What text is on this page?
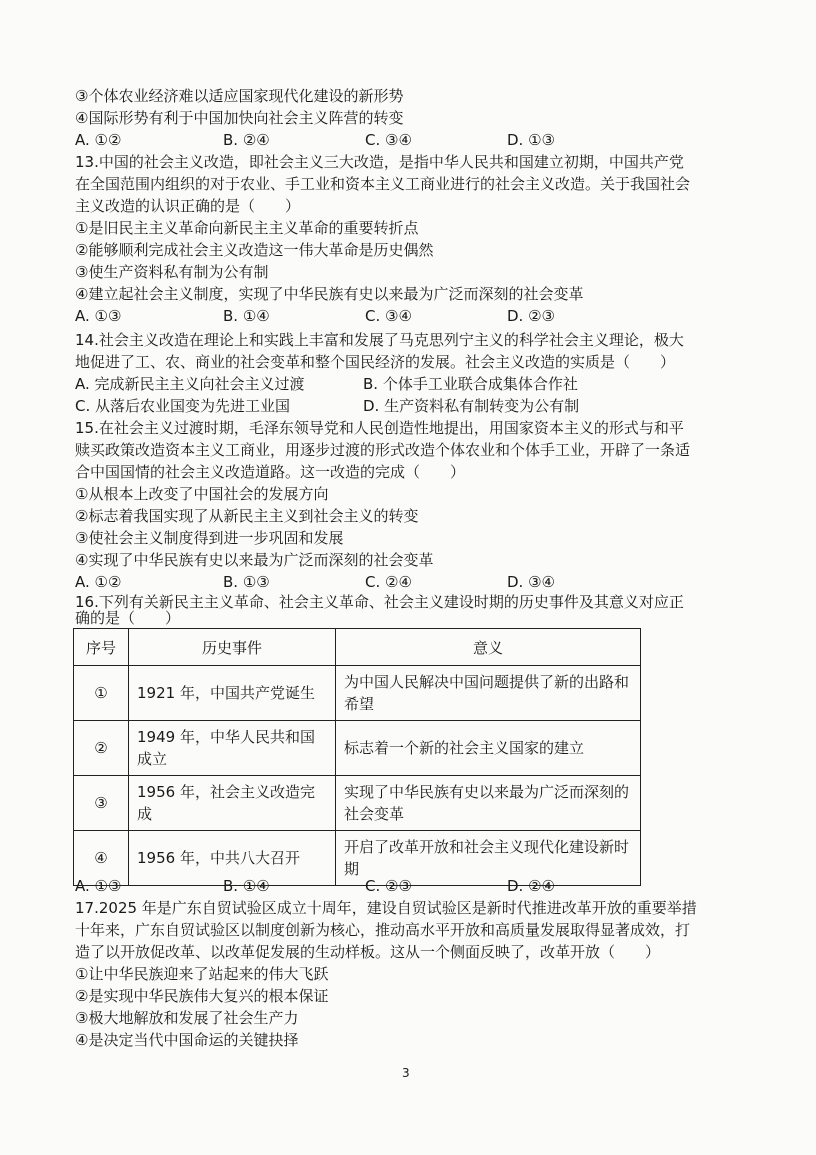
③个体农业经济难以适应国家现代化建设的新形势
④国际形势有利于中国加快向社会主义阵营的转变
A. ①②	B. ②④	C. ③④	D. ①③
13.中国的社会主义改造，即社会主义三大改造，是指中华人民共和国建立初期，中国共产党
在全国范围内组织的对于农业、手工业和资本主义工商业进行的社会主义改造。关于我国社会
主义改造的认识正确的是（　　）
①是旧民主主义革命向新民主主义革命的重要转折点
②能够顺利完成社会主义改造这一伟大革命是历史偶然
③使生产资料私有制为公有制
④建立起社会主义制度，实现了中华民族有史以来最为广泛而深刻的社会变革
A. ①③	B. ①④	C. ③④	D. ②③
14.社会主义改造在理论上和实践上丰富和发展了马克思列宁主义的科学社会主义理论，极大
地促进了工、农、商业的社会变革和整个国民经济的发展。社会主义改造的实质是（　　）
A. 完成新民主主义向社会主义过渡	B. 个体手工业联合成集体合作社
C. 从落后农业国变为先进工业国	D. 生产资料私有制转变为公有制
15.在社会主义过渡时期，毛泽东领导党和人民创造性地提出，用国家资本主义的形式与和平
赎买政策改造资本主义工商业，用逐步过渡的形式改造个体农业和个体手工业，开辟了一条适
合中国国情的社会主义改造道路。这一改造的完成（　　）
①从根本上改变了中国社会的发展方向
②标志着我国实现了从新民主主义到社会主义的转变
③使社会主义制度得到进一步巩固和发展
④实现了中华民族有史以来最为广泛而深刻的社会变革
A. ①②	B. ①③	C. ②④	D. ③④
16.下列有关新民主主义革命、社会主义革命、社会主义建设时期的历史事件及其意义对应正
确的是（　　）
序号	历史事件	意义
①	1921 年，中国共产党诞生	为中国人民解决中国问题提供了新的出路和希望
②	1949 年，中华人民共和国成立	标志着一个新的社会主义国家的建立
③	1956 年，社会主义改造完成	实现了中华民族有史以来最为广泛而深刻的社会变革
④	1956 年，中共八大召开	开启了改革开放和社会主义现代化建设新时期
A. ①③	B. ①④	C. ②③	D. ②④
17.2025 年是广东自贸试验区成立十周年，建设自贸试验区是新时代推进改革开放的重要举措
十年来，广东自贸试验区以制度创新为核心，推动高水平开放和高质量发展取得显著成效，打
造了以开放促改革、以改革促发展的生动样板。这从一个侧面反映了，改革开放（　　）
①让中华民族迎来了站起来的伟大飞跃
②是实现中华民族伟大复兴的根本保证
③极大地解放和发展了社会生产力
④是决定当代中国命运的关键抉择
3
